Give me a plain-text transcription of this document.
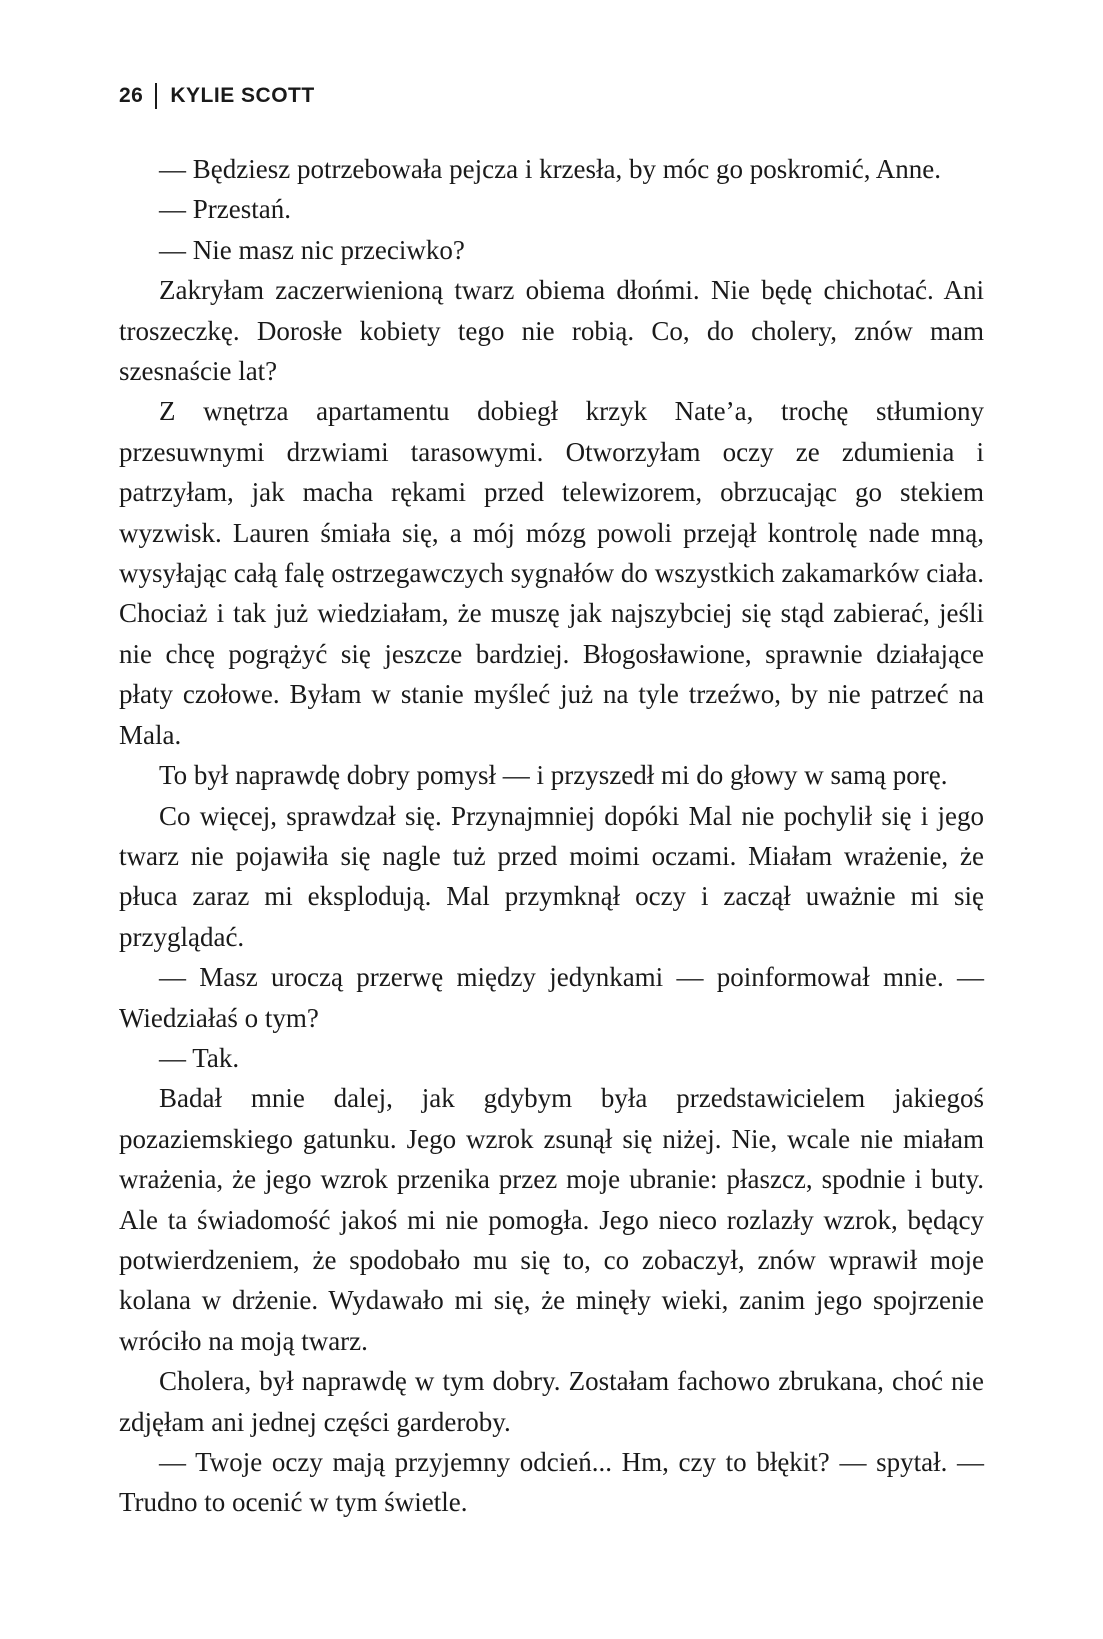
26 KYLIE SCOTT

— Będziesz potrzebowała pejcza i krzesła, by móc go poskromić, Anne.

— Przestań.

— Nie masz nic przeciwko?

Zakryłam zaczerwienioną twarz obiema dłońmi. Nie będę chichotać. Ani troszeczkę. Dorosłe kobiety tego nie robią. Co, do cholery, znów mam szesnaście lat?

Z wnętrza apartamentu dobiegł krzyk Nate’a, trochę stłumiony przesuwnymi drzwiami tarasowymi. Otworzyłam oczy ze zdumienia i patrzyłam, jak macha rękami przed telewizorem, obrzucając go stekiem wyzwisk. Lauren śmiała się, a mój mózg powoli przejął kontrolę nade mną, wysyłając całą falę ostrzegawczych sygnałów do wszystkich zakamarków ciała. Chociaż i tak już wiedziałam, że muszę jak najszybciej się stąd zabierać, jeśli nie chcę pogrążyć się jeszcze bardziej. Błogosławione, sprawnie działające płaty czołowe. Byłam w stanie myśleć już na tyle trzeźwo, by nie patrzeć na Mala.

To był naprawdę dobry pomysł — i przyszedł mi do głowy w samą porę.

Co więcej, sprawdzał się. Przynajmniej dopóki Mal nie pochylił się i jego twarz nie pojawiła się nagle tuż przed moimi oczami. Miałam wrażenie, że płuca zaraz mi eksplodują. Mal przymknął oczy i zaczął uważnie mi się przyglądać.

— Masz uroczą przerwę między jedynkami — poinformował mnie. — Wiedziałaś o tym?

— Tak.

Badał mnie dalej, jak gdybym była przedstawicielem jakiegoś pozaziemskiego gatunku. Jego wzrok zsunął się niżej. Nie, wcale nie miałam wrażenia, że jego wzrok przenika przez moje ubranie: płaszcz, spodnie i buty. Ale ta świadomość jakoś mi nie pomogła. Jego nieco rozlazły wzrok, będący potwierdzeniem, że spodobało mu się to, co zobaczył, znów wprawił moje kolana w drżenie. Wydawało mi się, że minęły wieki, zanim jego spojrzenie wróciło na moją twarz.

Cholera, był naprawdę w tym dobry. Zostałam fachowo zbrukana, choć nie zdjęłam ani jednej części garderoby.

— Twoje oczy mają przyjemny odcień... Hm, czy to błękit? — spytał. — Trudno to ocenić w tym świetle.
